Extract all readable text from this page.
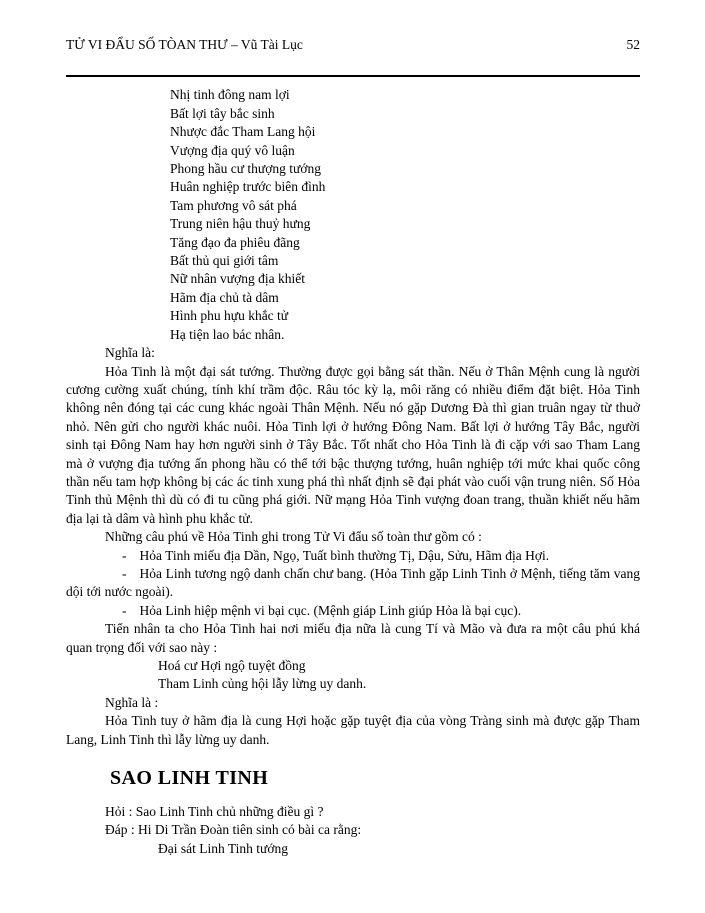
TỬ VI ĐẨU SỐ TÒAN THƯ – Vũ Tài Lục	52
Nhị tinh đông nam lợi
Bất lợi tây bắc sinh
Nhược đắc Tham Lang hội
Vượng địa quý vô luận
Phong hầu cư thượng tướng
Huân nghiệp trước biên đình
Tam phương vô sát phá
Trung niên hậu thuỷ hưng
Tăng đạo đa phiêu đãng
Bất thủ qui giới tâm
Nữ nhân vượng địa khiết
Hãm địa chủ tà dâm
Hình phu hựu khắc tử
Hạ tiện lao bác nhân.

Nghĩa là:

Hỏa Tinh là một đại sát tướng. Thường được gọi bằng sát thần. Nếu ở Thân Mệnh cung là người cương cường xuất chúng, tính khí trầm độc. Râu tóc kỳ lạ, môi răng có nhiều điểm đặt biệt. Hỏa Tinh không nên đóng tại các cung khác ngoài Thân Mệnh. Nếu nó gặp Dương Đà thì gian truân ngay từ thuở nhỏ. Nên gửi cho người khác nuôi. Hỏa Tinh lợi ở hướng Đông Nam. Bất lợi ở hướng Tây Bắc, người sinh tại Đông Nam hay hơn người sinh ở Tây Bắc. Tốt nhất cho Hỏa Tinh là đi cặp với sao Tham Lang mà ở vượng địa tướng ấn phong hầu có thể tới bậc thượng tướng, huân nghiệp tới mức khai quốc công thần nếu tam hợp không bị các ác tinh xung phá thì nhất định sẽ đại phát vào cuối vận trung niên. Số Hỏa Tinh thủ Mệnh thì dù có đi tu cũng phá giới. Nữ mạng Hỏa Tinh vượng đoan trang, thuần khiết nếu hãm địa lại tà dâm và hình phu khắc tử.

Những câu phú về Hỏa Tinh ghi trong Tử Vi đẩu số toàn thư gồm có :

- Hỏa Tinh miếu địa Dần, Ngọ, Tuất bình thường Tị, Dậu, Sửu, Hãm địa Hợi.

- Hỏa Linh tương ngộ danh chấn chư bang. (Hỏa Tinh gặp Linh Tinh ở Mệnh, tiếng tăm vang dội tới nước ngoài).

- Hỏa Linh hiệp mệnh vi bại cục. (Mệnh giáp Linh giúp Hỏa là bại cục).

Tiển nhân ta cho Hỏa Tinh hai nơi miếu địa nữa là cung Tí và Mão và đưa ra một câu phú khá quan trọng đối với sao này :

Hoá cư Hợi ngộ tuyệt đồng
Tham Linh củng hội lẫy lừng uy danh.

Nghĩa là :

Hỏa Tinh tuy ở hãm địa là cung Hợi hoặc gặp tuyệt địa của vòng Tràng sinh mà được gặp Tham Lang, Linh Tinh thì lẫy lừng uy danh.

SAO LINH TINH

Hỏi : Sao Linh Tinh chủ những điều gì ?

Đáp : Hi Di Trần Đoàn tiên sinh có bài ca rằng:

Đại sát Linh Tinh tướng
